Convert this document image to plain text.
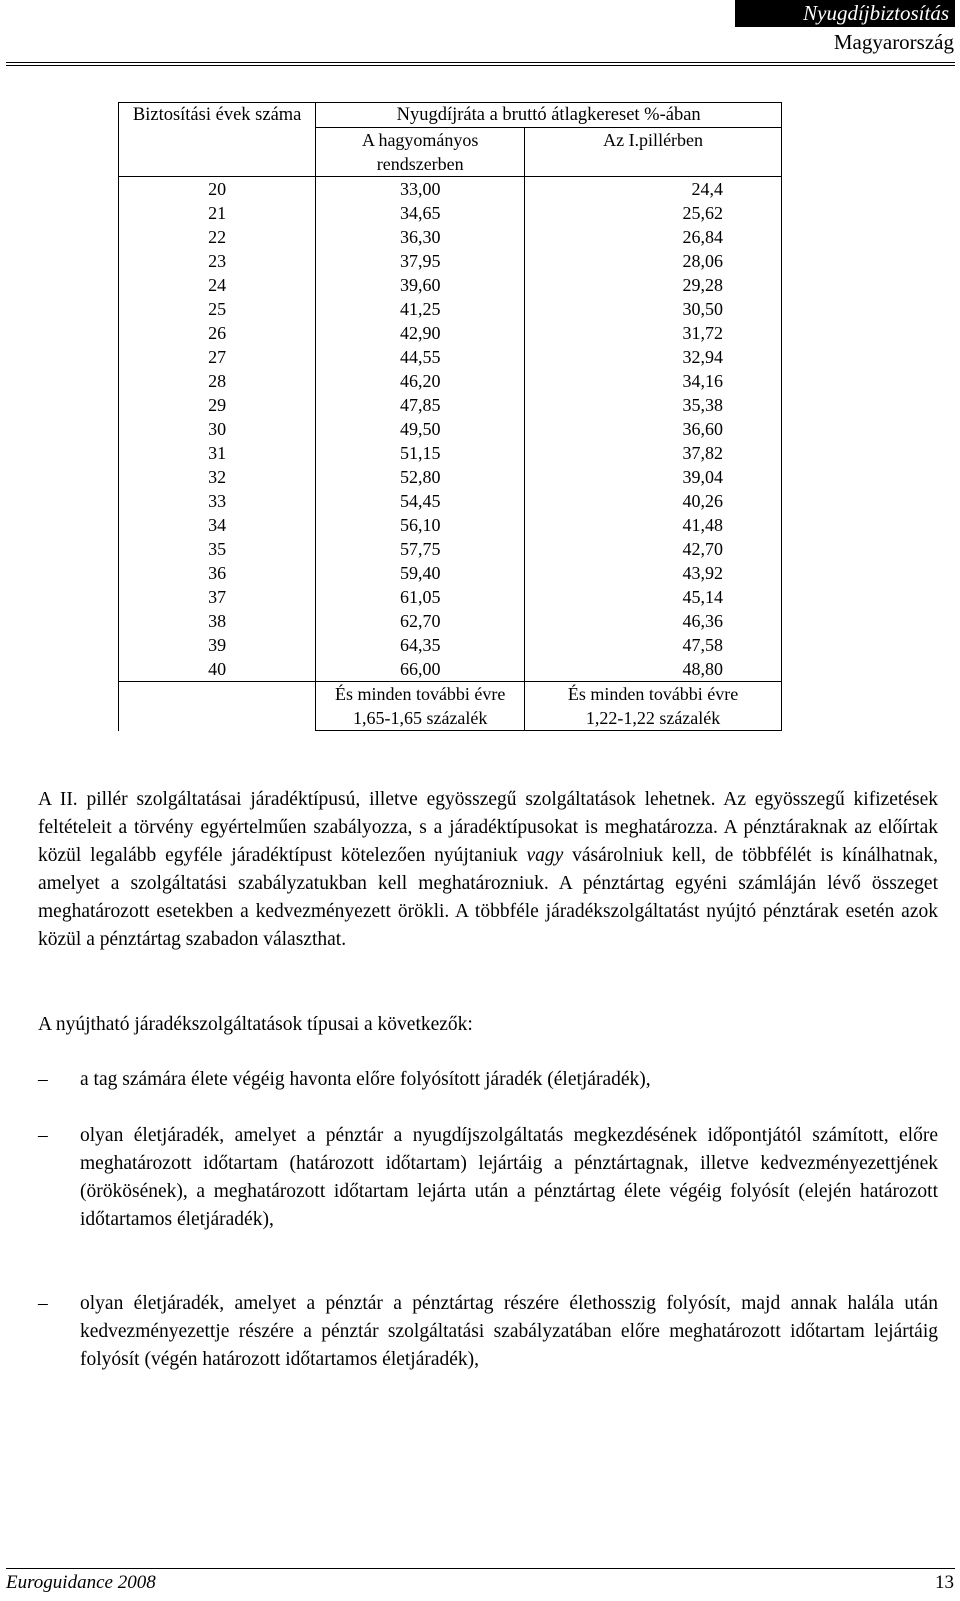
Nyugdíjbiztosítás
Magyarország
Biztosítási évek száma	Nyugdíjráta a bruttó átlagkereset %-ában	
	A hagyományos	Az I.pillérben
	rendszerben	
20	33,00	24,4
21	34,65	25,62
22	36,30	26,84
23	37,95	28,06
24	39,60	29,28
25	41,25	30,50
26	42,90	31,72
27	44,55	32,94
28	46,20	34,16
29	47,85	35,38
30	49,50	36,60
31	51,15	37,82
32	52,80	39,04
33	54,45	40,26
34	56,10	41,48
35	57,75	42,70
36	59,40	43,92
37	61,05	45,14
38	62,70	46,36
39	64,35	47,58
40	66,00	48,80
	És minden további évre	És minden további évre
	1,65-1,65 százalék	1,22-1,22 százalék
A II. pillér szolgáltatásai járadéktípusú, illetve egyösszegű szolgáltatások lehetnek. Az egyösszegű kifizetések feltételeit a törvény egyértelműen szabályozza, s a járadéktípusokat is meghatározza. A pénztáraknak az előírtak közül legalább egyféle járadéktípust kötelezően nyújtaniuk vagy vásárolniuk kell, de többfélét is kínálhatnak, amelyet a szolgáltatási szabályzatukban kell meghatározniuk. A pénztártag egyéni számláján lévő összeget meghatározott esetekben a kedvezményezett örökli. A többféle járadékszolgáltatást nyújtó pénztárak esetén azok közül a pénztártag szabadon választhat.
A nyújtható járadékszolgáltatások típusai a következők:
– a tag számára élete végéig havonta előre folyósított járadék (életjáradék),
– olyan életjáradék, amelyet a pénztár a nyugdíjszolgáltatás megkezdésének időpontjától számított, előre meghatározott időtartam (határozott időtartam) lejártáig a pénztártagnak, illetve kedvezményezettjének (örökösének), a meghatározott időtartam lejárta után a pénztártag élete végéig folyósít (elején határozott időtartamos életjáradék),
– olyan életjáradék, amelyet a pénztár a pénztártag részére élethosszig folyósít, majd annak halála után kedvezményezettje részére a pénztár szolgáltatási szabályzatában előre meghatározott időtartam lejártáig folyósít (végén határozott időtartamos életjáradék),
Euroguidance 2008	13
